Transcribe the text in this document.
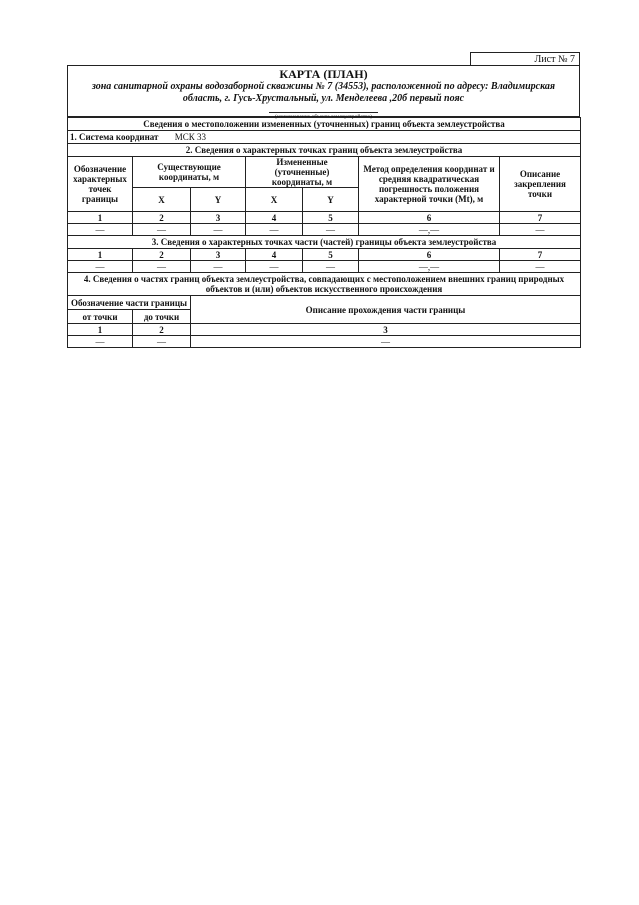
Лист № 7
КАРТА (ПЛАН)
зона санитарной охраны водозаборной скважины № 7 (34553), расположенной по адресу: Владимирская область, г. Гусь-Хрустальный, ул. Менделеева ,20б первый пояс
(наименование объекта землеустройства)
Сведения о местоположении измененных (уточненных) границ объекта землеустройства						
1. Система координат МСК 33						
2. Сведения о характерных точках границ объекта землеустройства						
Обозначение характерных точек границы	Существующие координаты, м		Измененные (уточненные) координаты, м		Метод определения координат и средняя квадратическая погрешность положения характерной точки (Mt), м	Описание закрепления точки
	X	Y	X	Y		
1	2	3	4	5	6	7
—	—	—	—	—	—,—	—
3. Сведения о характерных точках части (частей) границы объекта землеустройства						
1	2	3	4	5	6	7
—	—	—	—	—	—,—	—
4. Сведения о частях границ объекта землеустройства, совпадающих с местоположением внешних границ природных объектов и (или) объектов искусственного происхождения						
Обозначение части границы		Описание прохождения части границы				
от точки	до точки					
1	2	3				
—	—	—				
